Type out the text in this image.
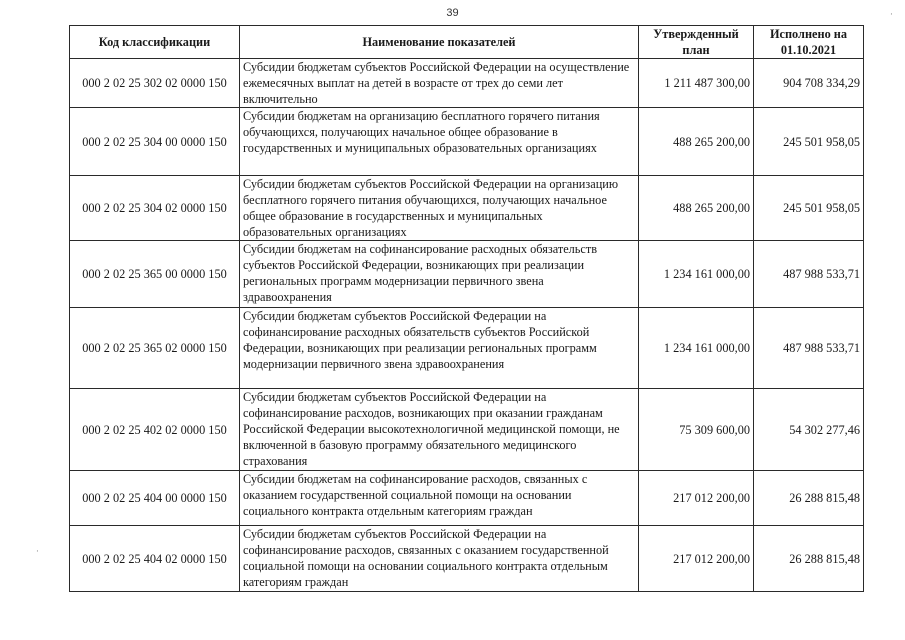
39	·
·
Код классификации	Наименование показателей	Утвержденный план	Исполнено на 01.10.2021
000 2 02 25 302 02 0000 150	Субсидии бюджетам субъектов Российской Федерации на осуществление ежемесячных выплат на детей в возрасте от трех до семи лет включительно	1 211 487 300,00	904 708 334,29
000 2 02 25 304 00 0000 150	Субсидии бюджетам на организацию бесплатного горячего питания обучающихся, получающих начальное общее образование в государственных и муниципальных образовательных организациях	488 265 200,00	245 501 958,05
000 2 02 25 304 02 0000 150	Субсидии бюджетам субъектов Российской Федерации на организацию бесплатного горячего питания обучающихся, получающих начальное общее образование в государственных и муниципальных образовательных организациях	488 265 200,00	245 501 958,05
000 2 02 25 365 00 0000 150	Субсидии бюджетам на софинансирование расходных обязательств субъектов Российской Федерации, возникающих при реализации региональных программ модернизации первичного звена здравоохранения	1 234 161 000,00	487 988 533,71
000 2 02 25 365 02 0000 150	Субсидии бюджетам субъектов Российской Федерации на софинансирование расходных обязательств субъектов Российской Федерации, возникающих при реализации региональных программ модернизации первичного звена здравоохранения	1 234 161 000,00	487 988 533,71
000 2 02 25 402 02 0000 150	Субсидии бюджетам субъектов Российской Федерации на софинансирование расходов, возникающих при оказании гражданам Российской Федерации высокотехнологичной медицинской помощи, не включенной в базовую программу обязательного медицинского страхования	75 309 600,00	54 302 277,46
000 2 02 25 404 00 0000 150	Субсидии бюджетам на софинансирование расходов, связанных с оказанием государственной социальной помощи на основании социального контракта отдельным категориям граждан	217 012 200,00	26 288 815,48
000 2 02 25 404 02 0000 150	Субсидии бюджетам субъектов Российской Федерации на софинансирование расходов, связанных с оказанием государственной социальной помощи на основании социального контракта отдельным категориям граждан	217 012 200,00	26 288 815,48
